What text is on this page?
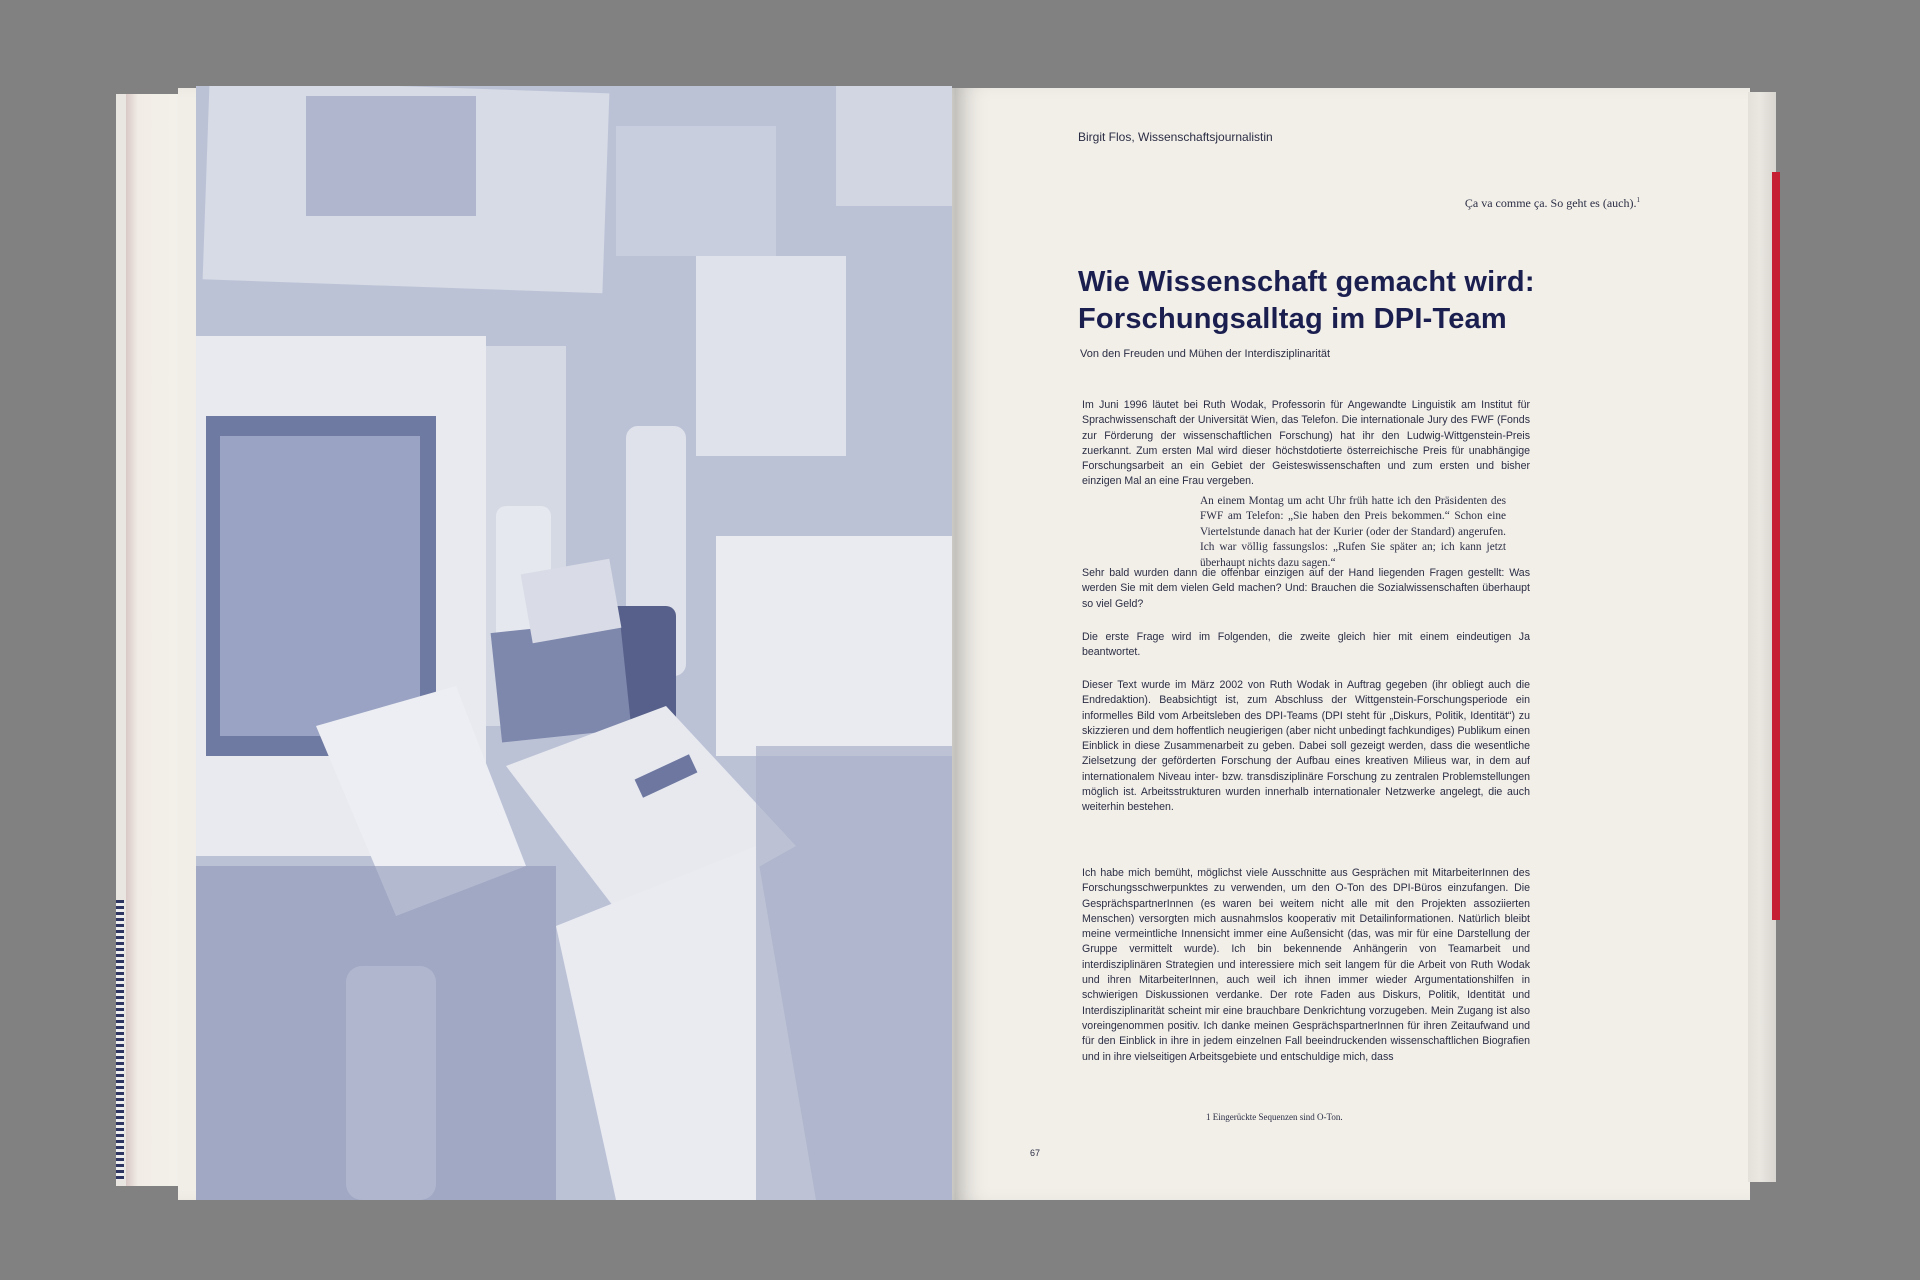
Birgit Flos, Wissenschaftsjournalistin
Ça va comme ça. So geht es (auch).$^1$
Wie Wissenschaft gemacht wird:
Forschungsalltag im DPI-Team
Von den Freuden und Mühen der Interdisziplinarität

Im Juni 1996 läutet bei Ruth Wodak, Professorin für Angewandte Linguistik am Institut für Sprachwissenschaft der Universität Wien, das Telefon. Die internationale Jury des FWF (Fonds zur Förderung der wissenschaftlichen Forschung) hat ihr den Ludwig-Wittgenstein-Preis zuerkannt. Zum ersten Mal wird dieser höchstdotierte österreichische Preis für unabhängige Forschungsarbeit an ein Gebiet der Geisteswissenschaften und zum ersten und bisher einzigen Mal an eine Frau vergeben.

An einem Montag um acht Uhr früh hatte ich den Präsidenten des FWF am Telefon: „Sie haben den Preis bekommen.“ Schon eine Viertelstunde danach hat der Kurier (oder der Standard) angerufen. Ich war völlig fassungslos: „Rufen Sie später an; ich kann jetzt überhaupt nichts dazu sagen.“

Sehr bald wurden dann die offenbar einzigen auf der Hand liegenden Fragen gestellt: Was werden Sie mit dem vielen Geld machen? Und: Brauchen die Sozialwissenschaften überhaupt so viel Geld?

Die erste Frage wird im Folgenden, die zweite gleich hier mit einem eindeutigen Ja beantwortet.

Dieser Text wurde im März 2002 von Ruth Wodak in Auftrag gegeben (ihr obliegt auch die Endredaktion). Beabsichtigt ist, zum Abschluss der Wittgenstein-Forschungsperiode ein informelles Bild vom Arbeitsleben des DPI-Teams (DPI steht für „Diskurs, Politik, Identität“) zu skizzieren und dem hoffentlich neugierigen (aber nicht unbedingt fachkundiges) Publikum einen Einblick in diese Zusammenarbeit zu geben. Dabei soll gezeigt werden, dass die wesentliche Zielsetzung der geförderten Forschung der Aufbau eines kreativen Milieus war, in dem auf internationalem Niveau inter- bzw. transdisziplinäre Forschung zu zentralen Problemstellungen möglich ist. Arbeitsstrukturen wurden innerhalb internationaler Netzwerke angelegt, die auch weiterhin bestehen.

Ich habe mich bemüht, möglichst viele Ausschnitte aus Gesprächen mit MitarbeiterInnen des Forschungsschwerpunktes zu verwenden, um den O-Ton des DPI-Büros einzufangen. Die GesprächspartnerInnen (es waren bei weitem nicht alle mit den Projekten assoziierten Menschen) versorgten mich ausnahmslos kooperativ mit Detailinformationen. Natürlich bleibt meine vermeintliche Innensicht immer eine Außensicht (das, was mir für eine Darstellung der Gruppe vermittelt wurde). Ich bin bekennende Anhängerin von Teamarbeit und interdisziplinären Strategien und interessiere mich seit langem für die Arbeit von Ruth Wodak und ihren MitarbeiterInnen, auch weil ich ihnen immer wieder Argumentationshilfen in schwierigen Diskussionen verdanke. Der rote Faden aus Diskurs, Politik, Identität und Interdisziplinarität scheint mir eine brauchbare Denkrichtung vorzugeben. Mein Zugang ist also voreingenommen positiv. Ich danke meinen GesprächspartnerInnen für ihren Zeitaufwand und für den Einblick in ihre in jedem einzelnen Fall beeindruckenden wissenschaftlichen Biografien und in ihre vielseitigen Arbeitsgebiete und entschuldige mich, dass

1 Eingerückte Sequenzen sind O-Ton.
67
